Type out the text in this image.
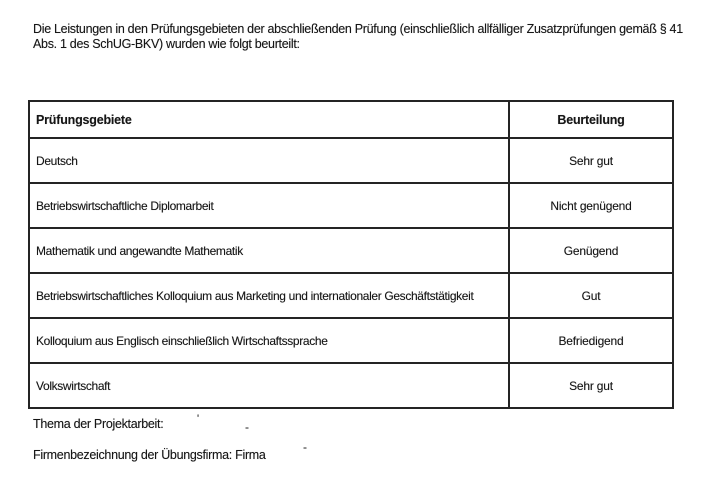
Die Leistungen in den Prüfungsgebieten der abschließenden Prüfung (einschließlich allfälliger Zusatzprüfungen gemäß § 41
Abs. 1 des SchUG-BKV) wurden wie folgt beurteilt:

Prüfungsgebiete	Beurteilung
Deutsch	Sehr gut
Betriebswirtschaftliche Diplomarbeit	Nicht genügend
Mathematik und angewandte Mathematik	Genügend
Betriebswirtschaftliches Kolloquium aus Marketing und internationaler Geschäftstätigkeit	Gut
Kolloquium aus Englisch einschließlich Wirtschaftssprache	Befriedigend
Volkswirtschaft	Sehr gut
Thema der Projektarbeit:
Firmenbezeichnung der Übungsfirma: Firma
'
-
-
